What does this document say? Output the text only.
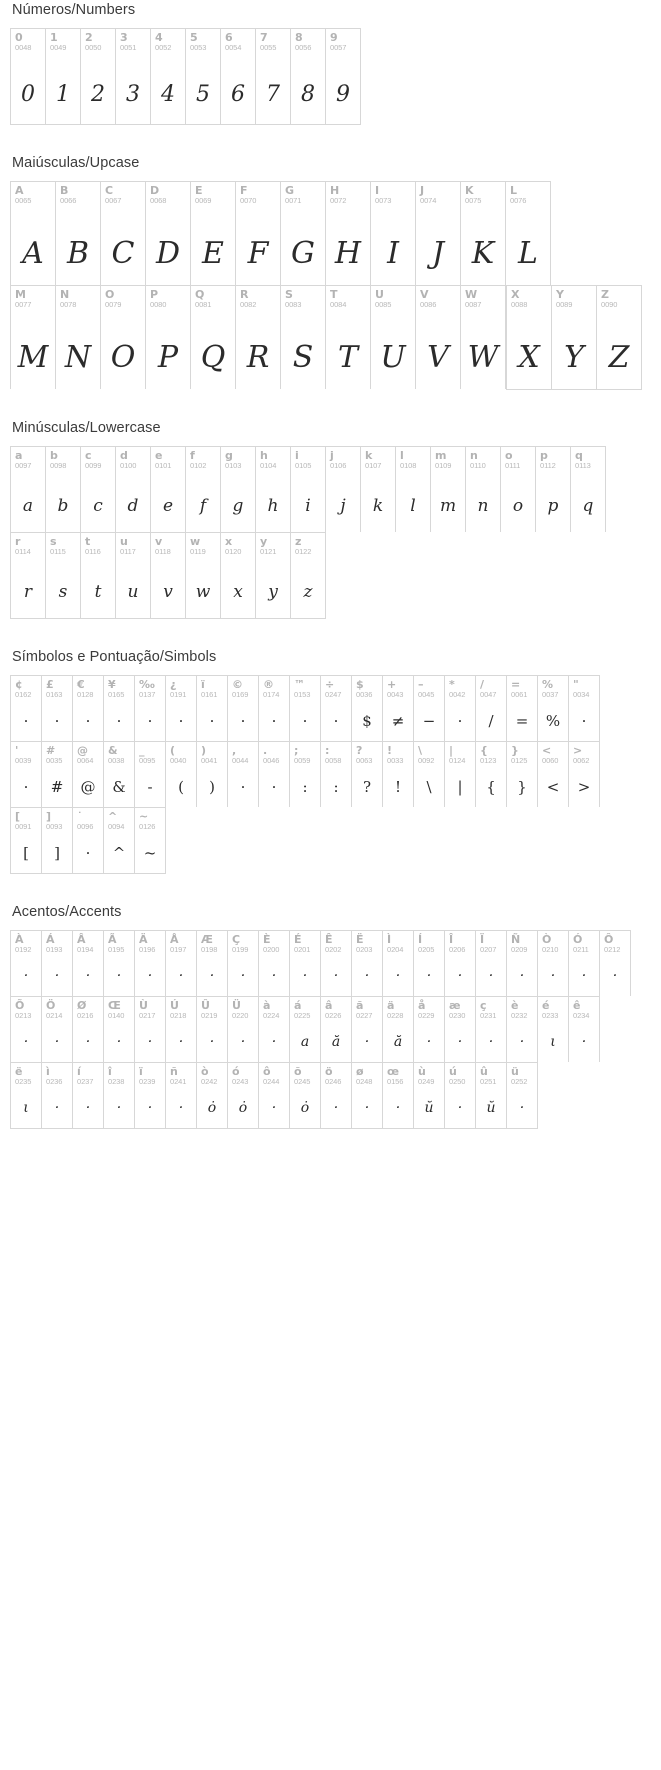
Números/Numbers
0
0048
0
1
0049
1
2
0050
2
3
0051
3
4
0052
4
5
0053
5
6
0054
6
7
0055
7
8
0056
8
9
0057
9
Maiúsculas/Upcase
A
0065
A
B
0066
B
C
0067
C
D
0068
D
E
0069
E
F
0070
F
G
0071
G
H
0072
H
I
0073
I
J
0074
J
K
0075
K
L
0076
L
M
0077
M
N
0078
N
O
0079
O
P
0080
P
Q
0081
Q
R
0082
R
S
0083
S
T
0084
T
U
0085
U
V
0086
V
W
0087
W
X
0088
X
Y
0089
Y
Z
0090
Z
Minúsculas/Lowercase
a
0097
a
b
0098
b
c
0099
c
d
0100
d
e
0101
e
f
0102
f
g
0103
g
h
0104
h
i
0105
i
j
0106
j
k
0107
k
l
0108
l
m
0109
m
n
0110
n
o
0111
o
p
0112
p
q
0113
q
r
0114
r
s
0115
s
t
0116
t
u
0117
u
v
0118
v
w
0119
w
x
0120
x
y
0121
y
z
0122
z
Símbolos e Pontuação/Simbols
¢
0162
·
£
0163
·
€
0128
·
¥
0165
·
‰
0137
·
¿
0191
·
ï
0161
·
©
0169
·
®
0174
·
™
0153
·
÷
0247
·
$
0036
$
+
0043
≠
–
0045
−
*
0042
·
/
0047
/
=
0061
=
%
0037
%
"
0034
·
'
0039
·
#
0035
#
@
0064
@
&
0038
&
_
0095
-
(
0040
(
)
0041
)
,
0044
·
.
0046
·
;
0059
:
:
0058
:
?
0063
?
!
0033
!
\
0092
\
|
0124
|
{
0123
{
}
0125
}
<
0060
<
>
0062
>
[
0091
[
]
0093
]
˙
0096
·
^
0094
^
~
0126
~
Acentos/Accents
À
0192
·
Á
0193
·
Â
0194
·
Ã
0195
·
Ä
0196
·
Å
0197
·
Æ
0198
·
Ç
0199
·
È
0200
·
É
0201
·
Ê
0202
·
Ë
0203
·
Ì
0204
·
Í
0205
·
Î
0206
·
Ï
0207
·
Ñ
0209
·
Ò
0210
·
Ó
0211
·
Ô
0212
·
Õ
0213
·
Ö
0214
·
Ø
0216
·
Œ
0140
·
Ù
0217
·
Ú
0218
·
Û
0219
·
Ü
0220
·
à
0224
·
á
0225
a
â
0226
ă
ã
0227
·
ä
0228
ă
å
0229
·
æ
0230
·
ç
0231
·
è
0232
·
é
0233
ι
ê
0234
·
ë
0235
ι
ì
0236
·
í
0237
·
î
0238
·
ï
0239
·
ñ
0241
·
ò
0242
ȯ
ó
0243
ȯ
ô
0244
·
õ
0245
ȯ
ö
0246
·
ø
0248
·
œ
0156
·
ù
0249
ŭ
ú
0250
·
û
0251
ŭ
ü
0252
·
